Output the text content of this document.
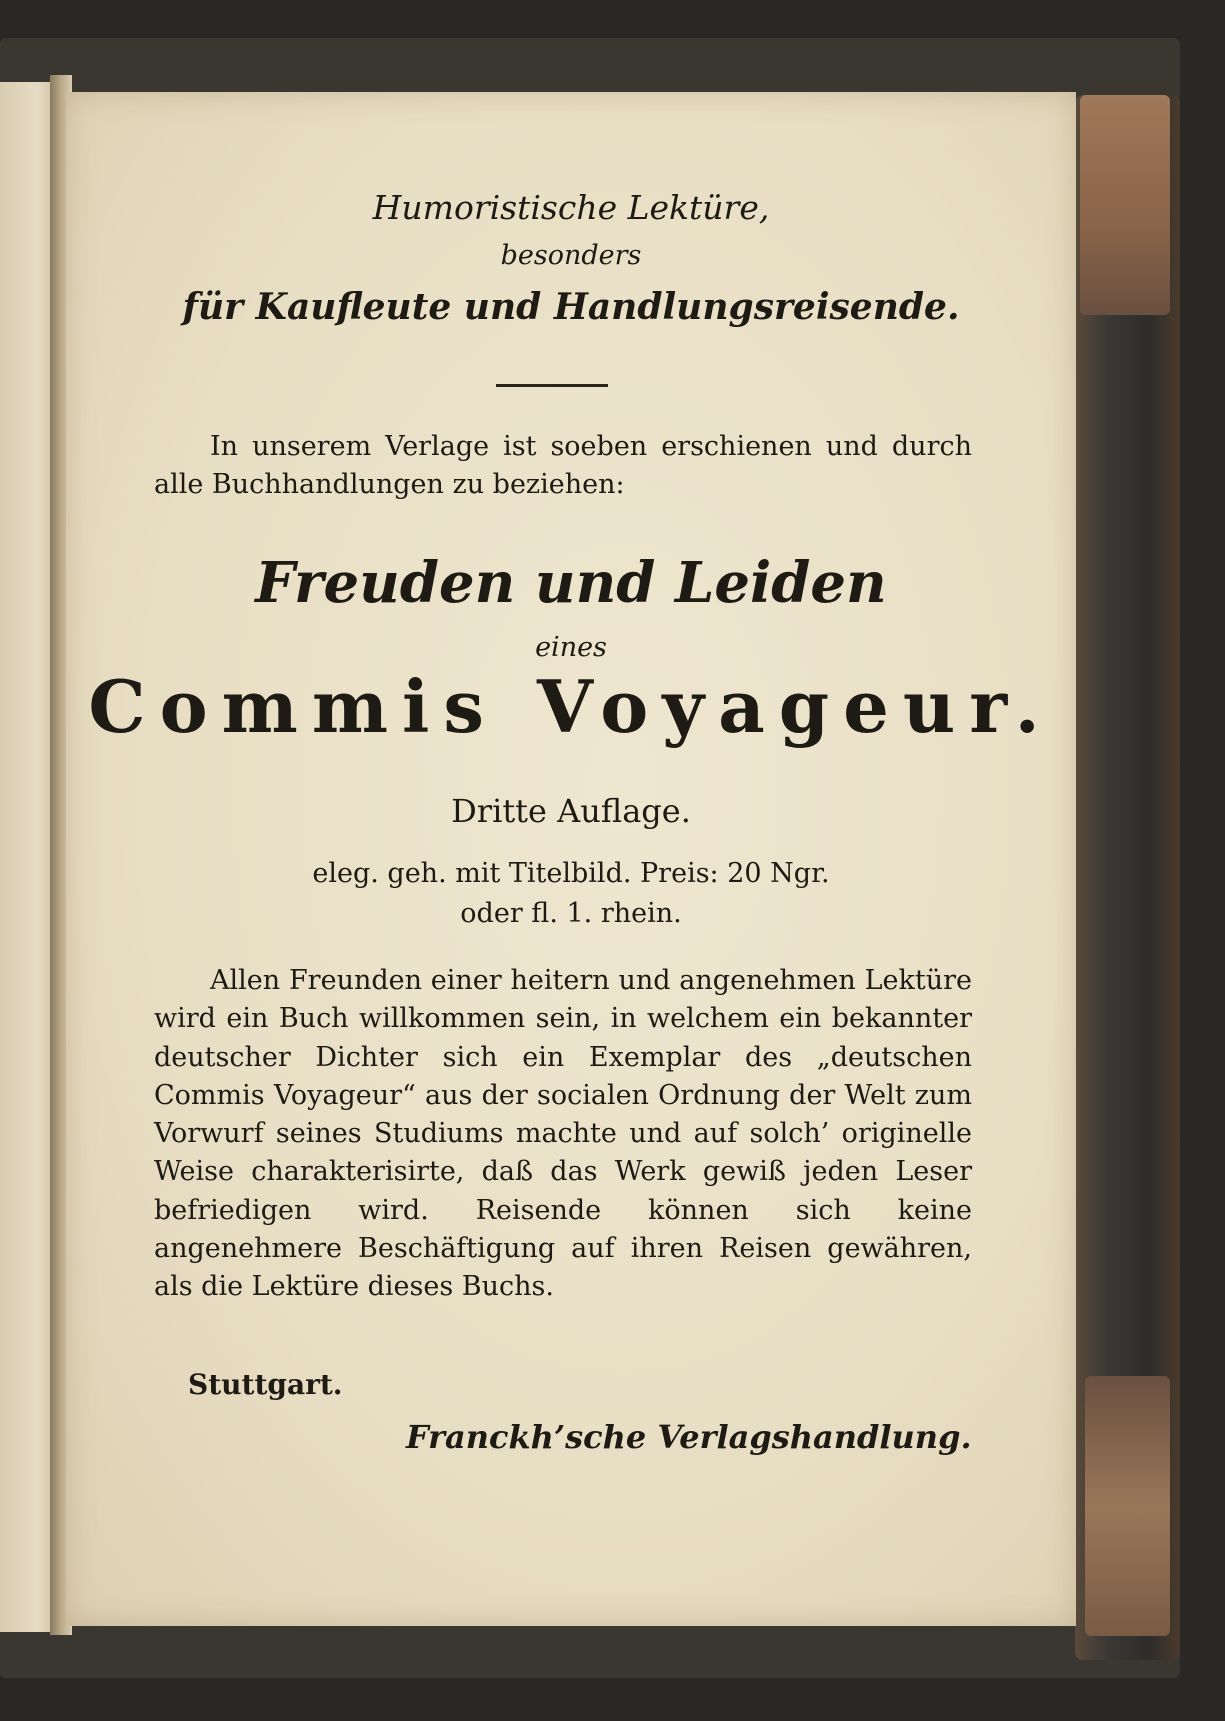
Humoristische Lektüre,
besonders
für Kaufleute und Handlungsreisende.
In unserem Verlage ist soeben erschienen und durch alle Buchhandlungen zu beziehen:
Freuden und Leiden
eines
Commis Voyageur.
Dritte Auflage.
eleg. geh. mit Titelbild. Preis: 20 Ngr.
oder fl. 1. rhein.
Allen Freunden einer heitern und angenehmen Lektüre wird ein Buch willkommen sein, in welchem ein bekannter deutscher Dichter sich ein Exemplar des „deutschen Commis Voyageur“ aus der socialen Ordnung der Welt zum Vorwurf seines Studiums machte und auf solch’ originelle Weise charakterisirte, daß das Werk gewiß jeden Leser befriedigen wird. Reisende können sich keine angenehmere Beschäftigung auf ihren Reisen gewähren, als die Lektüre dieses Buchs.
Stuttgart.
Franckh’sche Verlagshandlung.
